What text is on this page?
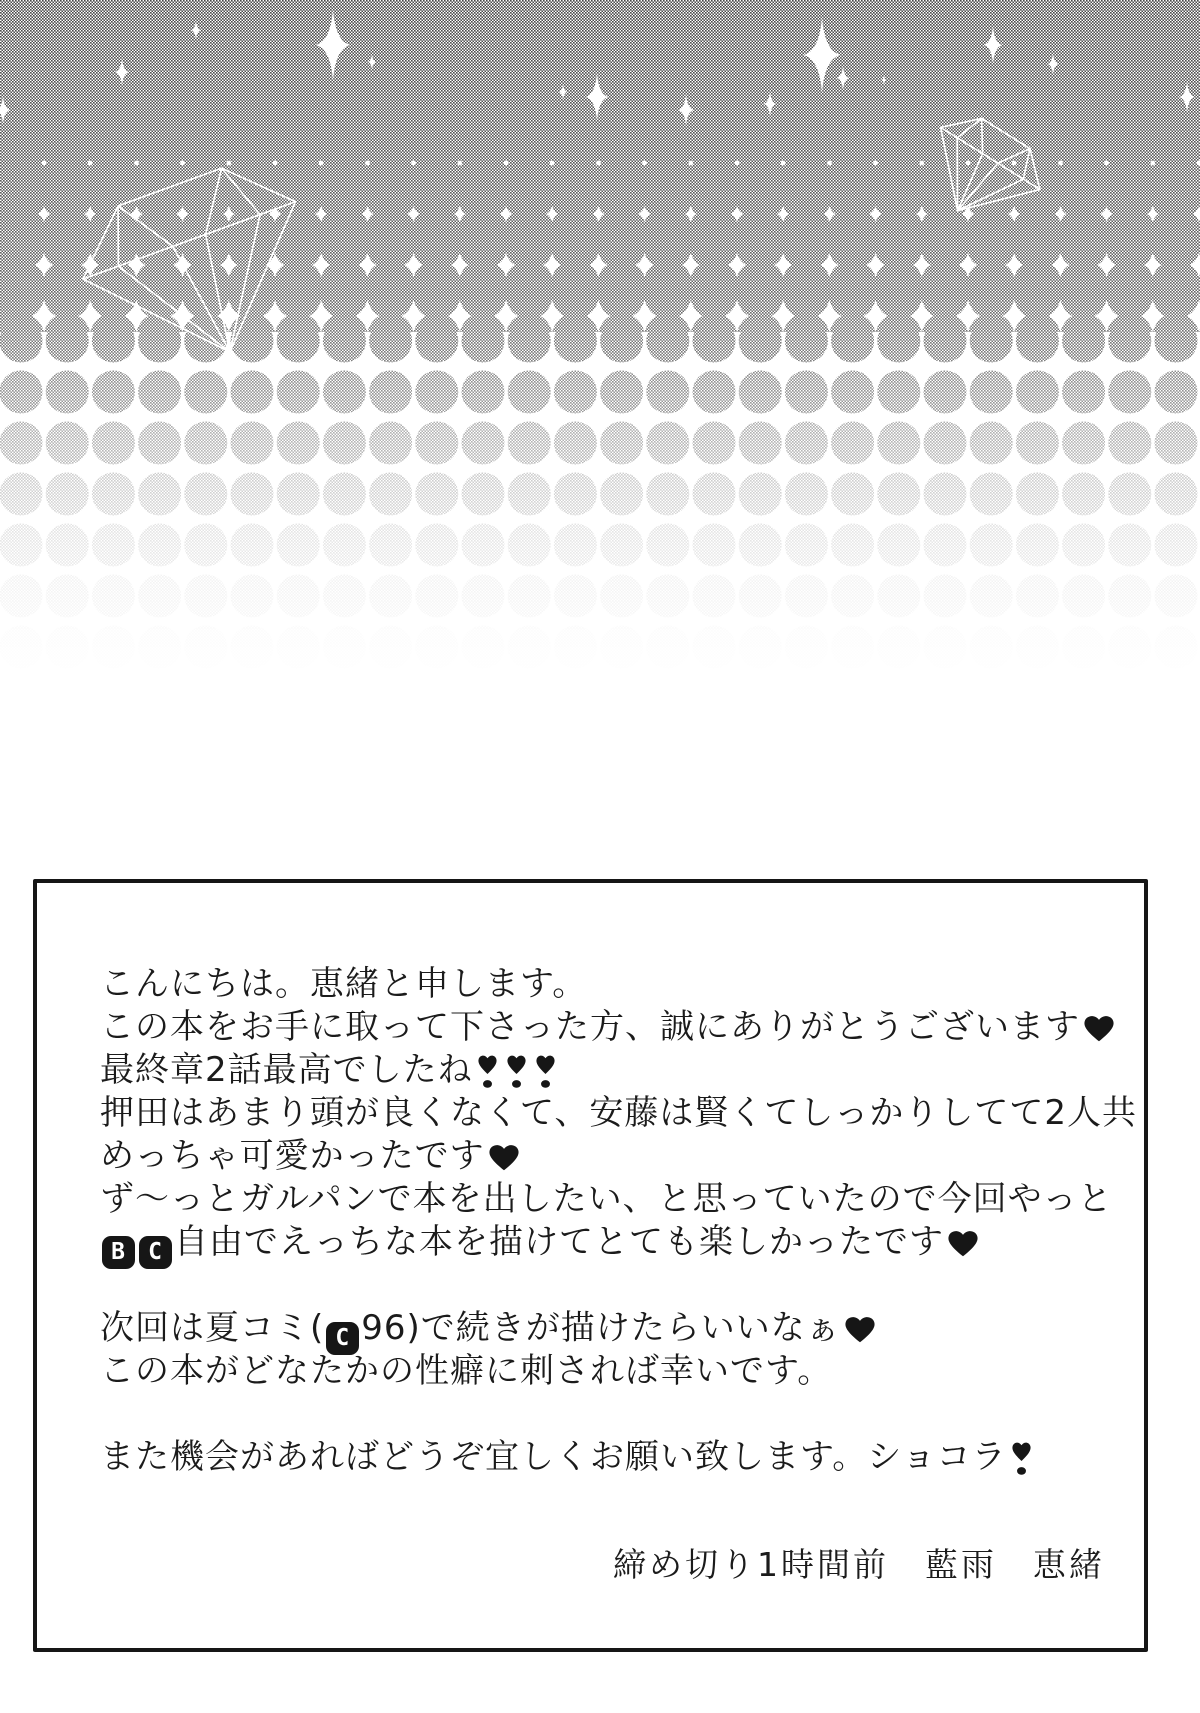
こんにちは。恵緒と申します。
この本をお手に取って下さった方、誠にありがとうございます
最終章2話最高でしたね
押田はあまり頭が良くなくて、安藤は賢くてしっかりしてて2人共
めっちゃ可愛かったです
ず～っとガルパンで本を出したい、と思っていたので今回やっと
B C 自由でえっちな本を描けてとても楽しかったです

次回は夏コミ( C 96)で続きが描けたらいいなぁ
この本がどなたかの性癖に刺されば幸いです。

また機会があればどうぞ宜しくお願い致します。ショコラ
締め切り1時間前　藍雨　恵緒
